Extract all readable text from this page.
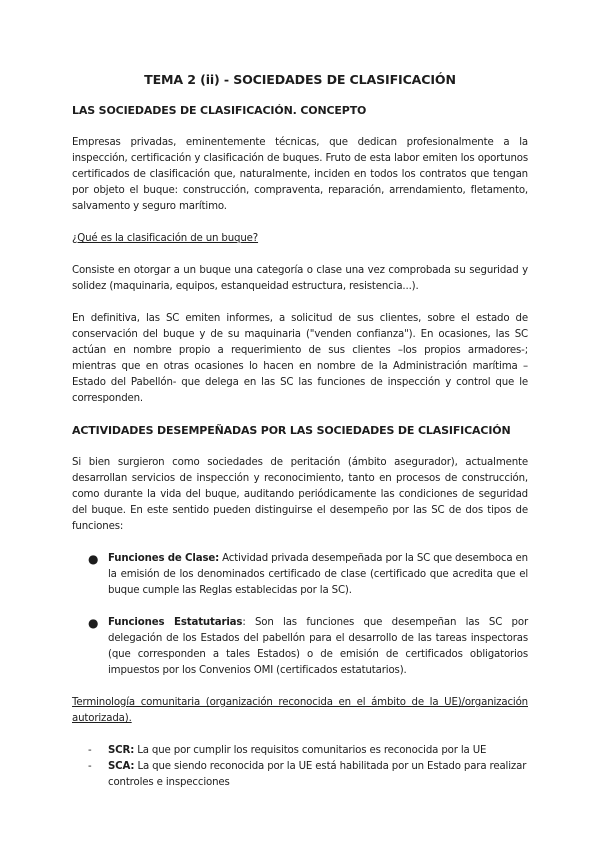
TEMA 2 (ii) - SOCIEDADES DE CLASIFICACIÓN
LAS SOCIEDADES DE CLASIFICACIÓN. CONCEPTO

Empresas privadas, eminentemente técnicas, que dedican profesionalmente a la inspección, certificación y clasificación de buques. Fruto de esta labor emiten los oportunos certificados de clasificación que, naturalmente, inciden en todos los contratos que tengan por objeto el buque: construcción, compraventa, reparación, arrendamiento, fletamento, salvamento y seguro marítimo.

¿Qué es la clasificación de un buque?

Consiste en otorgar a un buque una categoría o clase una vez comprobada su seguridad y solidez (maquinaria, equipos, estanqueidad estructura, resistencia...).

En definitiva, las SC emiten informes, a solicitud de sus clientes, sobre el estado de conservación del buque y de su maquinaria ("venden confianza"). En ocasiones, las SC actúan en nombre propio a requerimiento de sus clientes –los propios armadores-; mientras que en otras ocasiones lo hacen en nombre de la Administración marítima –Estado del Pabellón- que delega en las SC las funciones de inspección y control que le corresponden.

ACTIVIDADES DESEMPEÑADAS POR LAS SOCIEDADES DE CLASIFICACIÓN

Si bien surgieron como sociedades de peritación (ámbito asegurador), actualmente desarrollan servicios de inspección y reconocimiento, tanto en procesos de construcción, como durante la vida del buque, auditando periódicamente las condiciones de seguridad del buque. En este sentido pueden distinguirse el desempeño por las SC de dos tipos de funciones:

● Funciones de Clase: Actividad privada desempeñada por la SC que desemboca en la emisión de los denominados certificado de clase (certificado que acredita que el buque cumple las Reglas establecidas por la SC).
● Funciones Estatutarias: Son las funciones que desempeñan las SC por delegación de los Estados del pabellón para el desarrollo de las tareas inspectoras (que corresponden a tales Estados) o de emisión de certificados obligatorios impuestos por los Convenios OMI (certificados estatutarios).

Terminología comunitaria (organización reconocida en el ámbito de la UE)/organización autorizada).

- SCR: La que por cumplir los requisitos comunitarios es reconocida por la UE
- SCA: La que siendo reconocida por la UE está habilitada por un Estado para realizar controles e inspecciones
